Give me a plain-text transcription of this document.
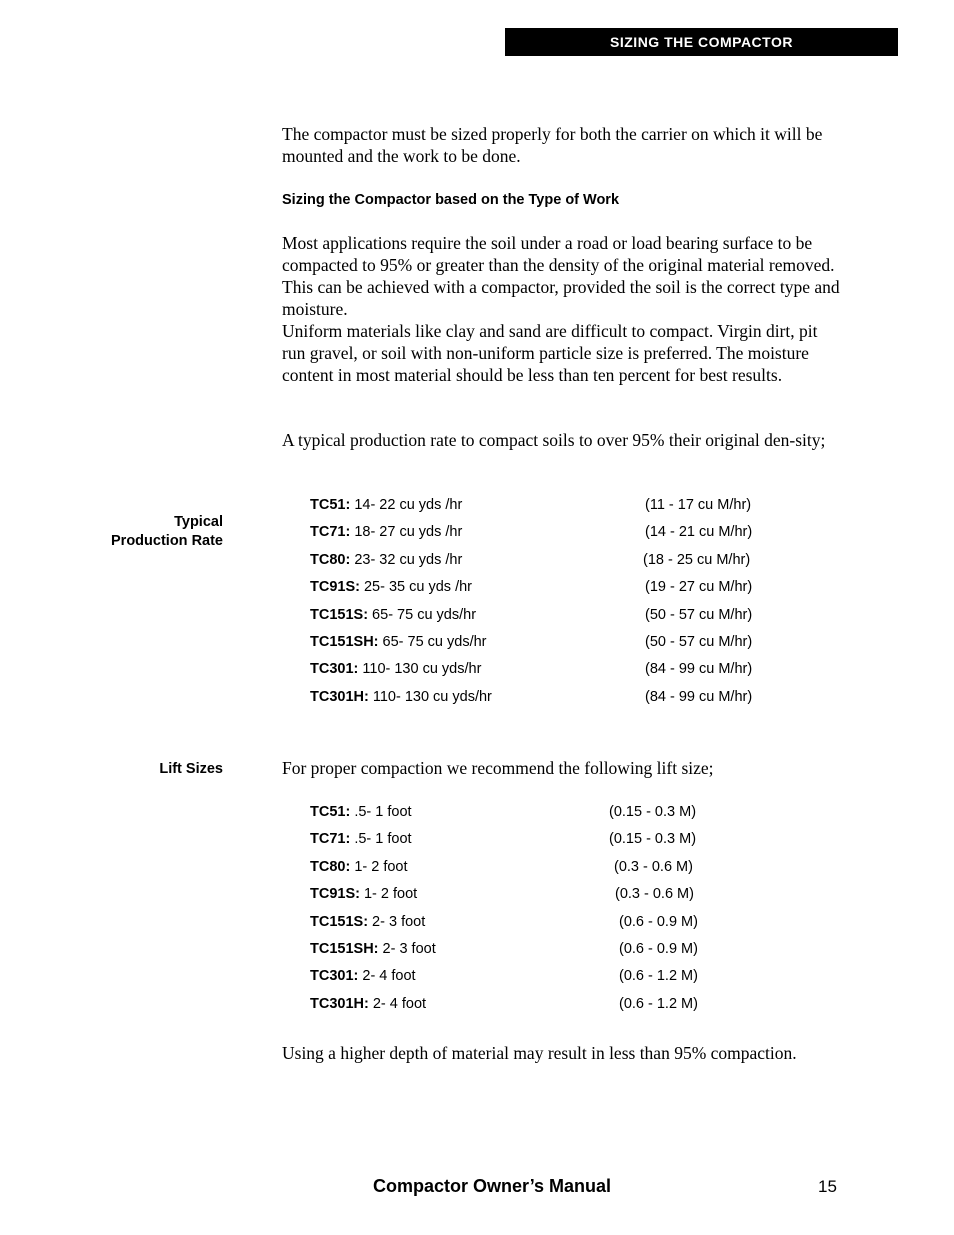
SIZING THE COMPACTOR

The compactor must be sized properly for both the carrier on which it will be mounted and the work to be done.

Sizing the Compactor based on the Type of Work

Most applications require the soil under a road or load bearing surface to be compacted to 95% or greater than the density of the original material removed. This can be achieved with a compactor, provided the soil is the correct type and moisture.

Uniform materials like clay and sand are difficult to compact. Virgin dirt, pit run gravel, or soil with non-uniform particle size is preferred. The moisture content in most material should be less than ten percent for best results.

A typical production rate to compact soils to over 95% their original den-sity;

Typical
Production Rate
TC51: 14- 22 cu yds /hr	(11 - 17 cu M/hr)
TC71: 18- 27 cu yds /hr	(14 - 21 cu M/hr)
TC80: 23- 32 cu yds /hr	(18 - 25 cu M/hr)
TC91S: 25- 35 cu yds /hr	(19 - 27 cu M/hr)
TC151S: 65- 75 cu yds/hr	(50 - 57 cu M/hr)
TC151SH: 65- 75 cu yds/hr	(50 - 57 cu M/hr)
TC301: 110- 130 cu yds/hr	(84 - 99 cu M/hr)
TC301H: 110- 130 cu yds/hr	(84 - 99 cu M/hr)
Lift Sizes	For proper compaction we recommend the following lift size;

TC51: .5- 1 foot	(0.15 - 0.3 M)
TC71: .5- 1 foot	(0.15 - 0.3 M)
TC80: 1- 2 foot	(0.3 - 0.6 M)
TC91S: 1- 2 foot	(0.3 - 0.6 M)
TC151S: 2- 3 foot	(0.6 - 0.9 M)
TC151SH: 2- 3 foot	(0.6 - 0.9 M)
TC301: 2- 4 foot	(0.6 - 1.2 M)
TC301H: 2- 4 foot	(0.6 - 1.2 M)

Using a higher depth of material may result in less than 95% compaction.

Compactor Owner’s Manual	15
